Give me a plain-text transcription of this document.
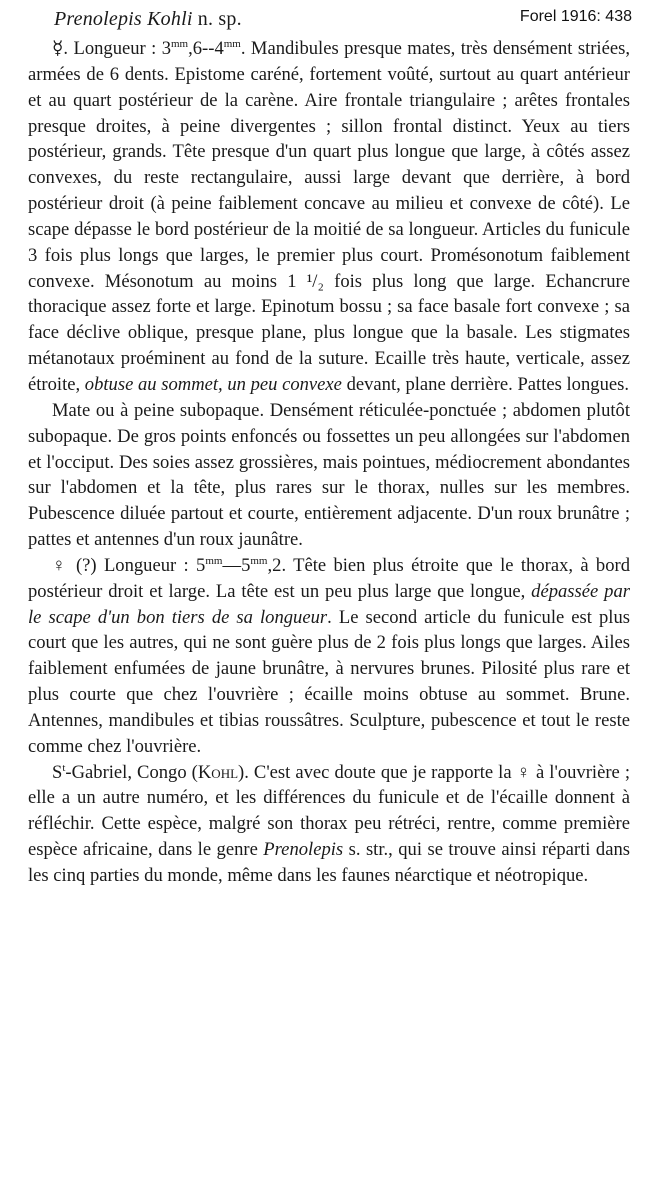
Prenolepis Kohli n. sp.	Forel 1916: 438

☿. Longueur : $3^{mm},6--4^{mm}$. Mandibules presque mates, très densément striées, armées de 6 dents. Epistome caréné, fortement voûté, surtout au quart antérieur et au quart postérieur de la carène. Aire frontale triangulaire ; arêtes frontales presque droites, à peine divergentes ; sillon frontal distinct. Yeux au tiers postérieur, grands. Tête presque d'un quart plus longue que large, à côtés assez convexes, du reste rectangulaire, aussi large devant que derrière, à bord postérieur droit (à peine faiblement concave au milieu et convexe de côté). Le scape dépasse le bord postérieur de la moitié de sa longueur. Articles du funicule 3 fois plus longs que larges, le premier plus court. Promésonotum faiblement convexe. Mésonotum au moins 1 ¹/₂ fois plus long que large. Echancrure thoracique assez forte et large. Epinotum bossu ; sa face basale fort convexe ; sa face déclive oblique, presque plane, plus longue que la basale. Les stigmates métanotaux proéminent au fond de la suture. Ecaille très haute, verticale, assez étroite, obtuse au sommet, un peu convexe devant, plane derrière. Pattes longues.

Mate ou à peine subopaque. Densément réticulée-ponctuée ; abdomen plutôt subopaque. De gros points enfoncés ou fossettes un peu allongées sur l'abdomen et l'occiput. Des soies assez grossières, mais pointues, médiocrement abondantes sur l'abdomen et la tête, plus rares sur le thorax, nulles sur les membres. Pubescence diluée partout et courte, entièrement adjacente. D'un roux brunâtre ; pattes et antennes d'un roux jaunâtre.

♀ (?) Longueur : $5^{mm}—5^{mm},2$. Tête bien plus étroite que le thorax, à bord postérieur droit et large. La tête est un peu plus large que longue, dépassée par le scape d'un bon tiers de sa longueur. Le second article du funicule est plus court que les autres, qui ne sont guère plus de 2 fois plus longs que larges. Ailes faiblement enfumées de jaune brunâtre, à nervures brunes. Pilosité plus rare et plus courte que chez l'ouvrière ; écaille moins obtuse au sommet. Brune. Antennes, mandibules et tibias roussâtres. Sculpture, pubescence et tout le reste comme chez l'ouvrière.

$S^t$-Gabriel, Congo (Kohl). C'est avec doute que je rapporte la ♀ à l'ouvrière ; elle a un autre numéro, et les différences du funicule et de l'écaille donnent à réfléchir. Cette espèce, malgré son thorax peu rétréci, rentre, comme première espèce africaine, dans le genre Prenolepis s. str., qui se trouve ainsi réparti dans les cinq parties du monde, même dans les faunes néarctique et néotropique.
